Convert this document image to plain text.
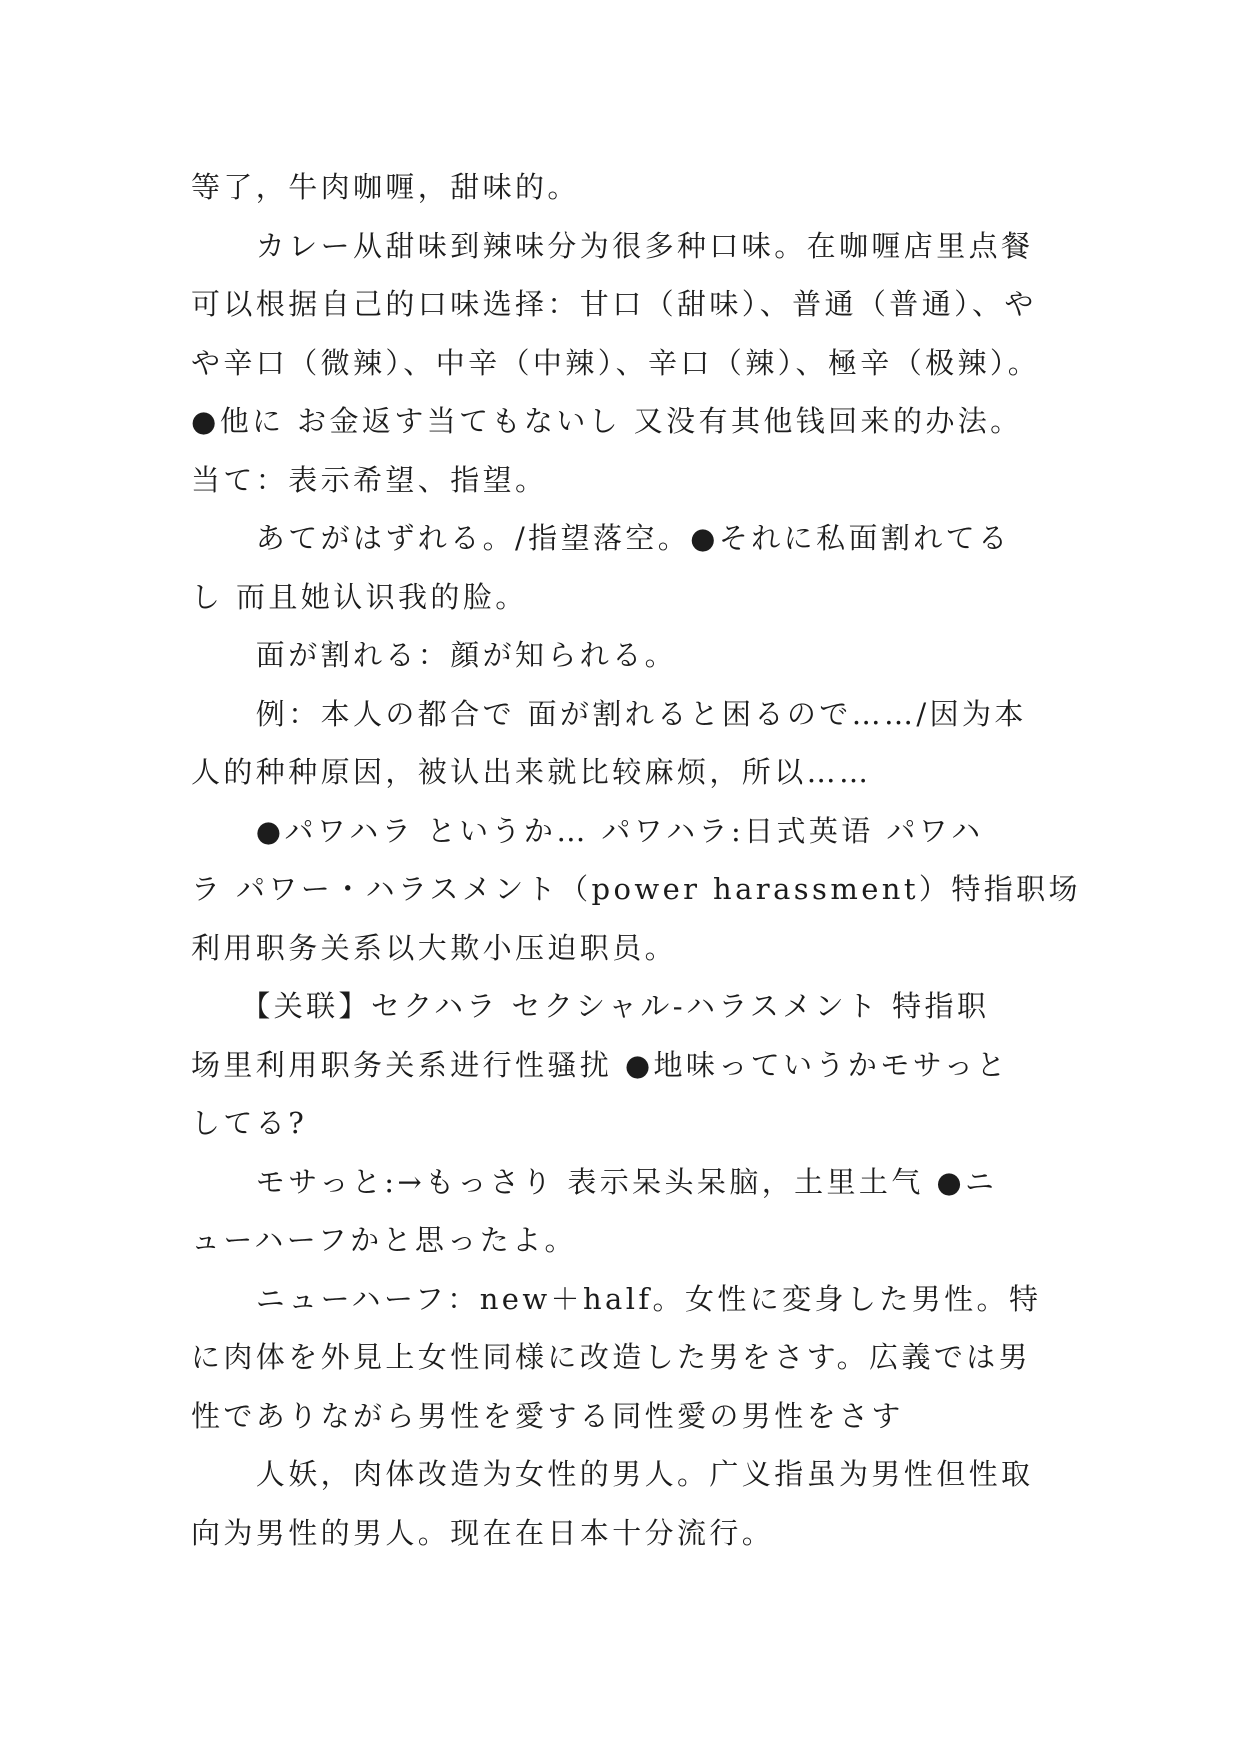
等了，牛肉咖喱，甜味的。

　　カレー从甜味到辣味分为很多种口味。在咖喱店里点餐

可以根据自己的口味选择：甘口（甜味）、普通（普通）、や

や辛口（微辣）、中辛（中辣）、辛口（辣）、極辛（极辣）。

●他に お金返す当てもないし 又没有其他钱回来的办法。

当て：表示希望、指望。

　　あてがはずれる。/指望落空。●それに私面割れてる

し 而且她认识我的脸。

　　面が割れる：顔が知られる。

　　例：本人の都合で 面が割れると困るので……/因为本

人的种种原因，被认出来就比较麻烦，所以……

　　●パワハラ というか… パワハラ:日式英语 パワハ

ラ パワー・ハラスメント（power harassment）特指职场

利用职务关系以大欺小压迫职员。

　　【关联】セクハラ セクシャル-ハラスメント 特指职

场里利用职务关系进行性骚扰 ●地味っていうかモサっと

してる?

　　モサっと:→もっさり 表示呆头呆脑，土里土气 ●ニ

ューハーフかと思ったよ。

　　ニューハーフ：new＋half。女性に変身した男性。特

に肉体を外見上女性同様に改造した男をさす。広義では男

性でありながら男性を愛する同性愛の男性をさす

　　人妖，肉体改造为女性的男人。广义指虽为男性但性取

向为男性的男人。现在在日本十分流行。
